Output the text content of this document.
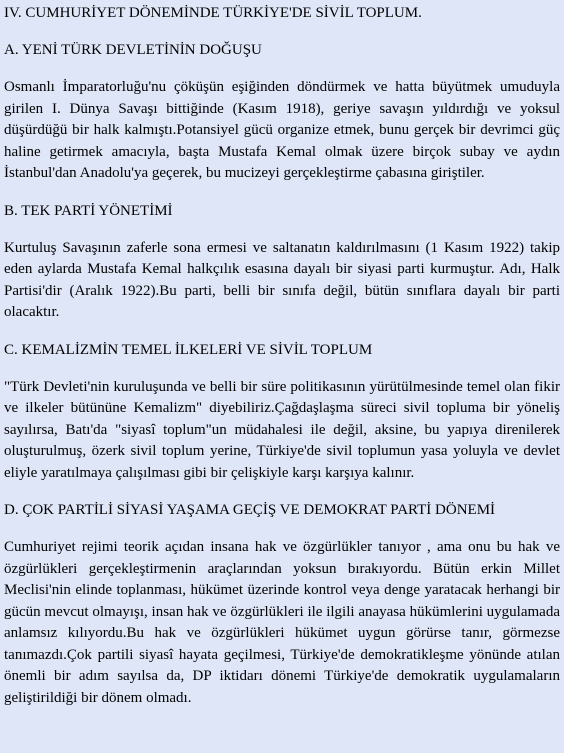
IV. CUMHURİYET DÖNEMİNDE TÜRKİYE'DE SİVİL TOPLUM.
A. YENİ TÜRK DEVLETİNİN DOĞUŞU

Osmanlı İmparatorluğu'nu çöküşün eşiğinden döndürmek ve hatta büyütmek umuduyla girilen I. Dünya Savaşı bittiğinde (Kasım 1918), geriye savaşın yıldırdığı ve yoksul düşürdüğü bir halk kalmıştı.Potansiyel gücü organize etmek, bunu gerçek bir devrimci güç haline getirmek amacıyla, başta Mustafa Kemal olmak üzere birçok subay ve aydın İstanbul'dan Anadolu'ya geçerek, bu mucizeyi gerçekleştirme çabasına giriştiler.

B. TEK PARTİ YÖNETİMİ

Kurtuluş Savaşının zaferle sona ermesi ve saltanatın kaldırılmasını (1 Kasım 1922) takip eden aylarda Mustafa Kemal halkçılık esasına dayalı bir siyasi parti kurmuştur. Adı, Halk Partisi'dir (Aralık 1922).Bu parti, belli bir sınıfa değil, bütün sınıflara dayalı bir parti olacaktır.

C. KEMALİZMİN TEMEL İLKELERİ VE SİVİL TOPLUM

"Türk Devleti'nin kuruluşunda ve belli bir süre politikasının yürütülmesinde temel olan fikir ve ilkeler bütününe Kemalizm" diyebiliriz.Çağdaşlaşma süreci sivil topluma bir yöneliş sayılırsa, Batı'da "siyasî toplum"un müdahalesi ile değil, aksine, bu yapıya direnilerek oluşturulmuş, özerk sivil toplum yerine, Türkiye'de sivil toplumun yasa yoluyla ve devlet eliyle yaratılmaya çalışılması gibi bir çelişkiyle karşı karşıya kalınır.

D. ÇOK PARTİLİ SİYASİ YAŞAMA GEÇİŞ VE DEMOKRAT PARTİ DÖNEMİ

Cumhuriyet rejimi teorik açıdan insana hak ve özgürlükler tanıyor , ama onu bu hak ve özgürlükleri gerçekleştirmenin araçlarından yoksun bırakıyordu. Bütün erkin Millet Meclisi'nin elinde toplanması, hükümet üzerinde kontrol veya denge yaratacak herhangi bir gücün mevcut olmayışı, insan hak ve özgürlükleri ile ilgili anayasa hükümlerini uygulamada anlamsız kılıyordu.Bu hak ve özgürlükleri hükümet uygun görürse tanır, görmezse tanımazdı.Çok partili siyasî hayata geçilmesi, Türkiye'de demokratikleşme yönünde atılan önemli bir adım sayılsa da, DP iktidarı dönemi Türkiye'de demokratik uygulamaların geliştirildiği bir dönem olmadı.
